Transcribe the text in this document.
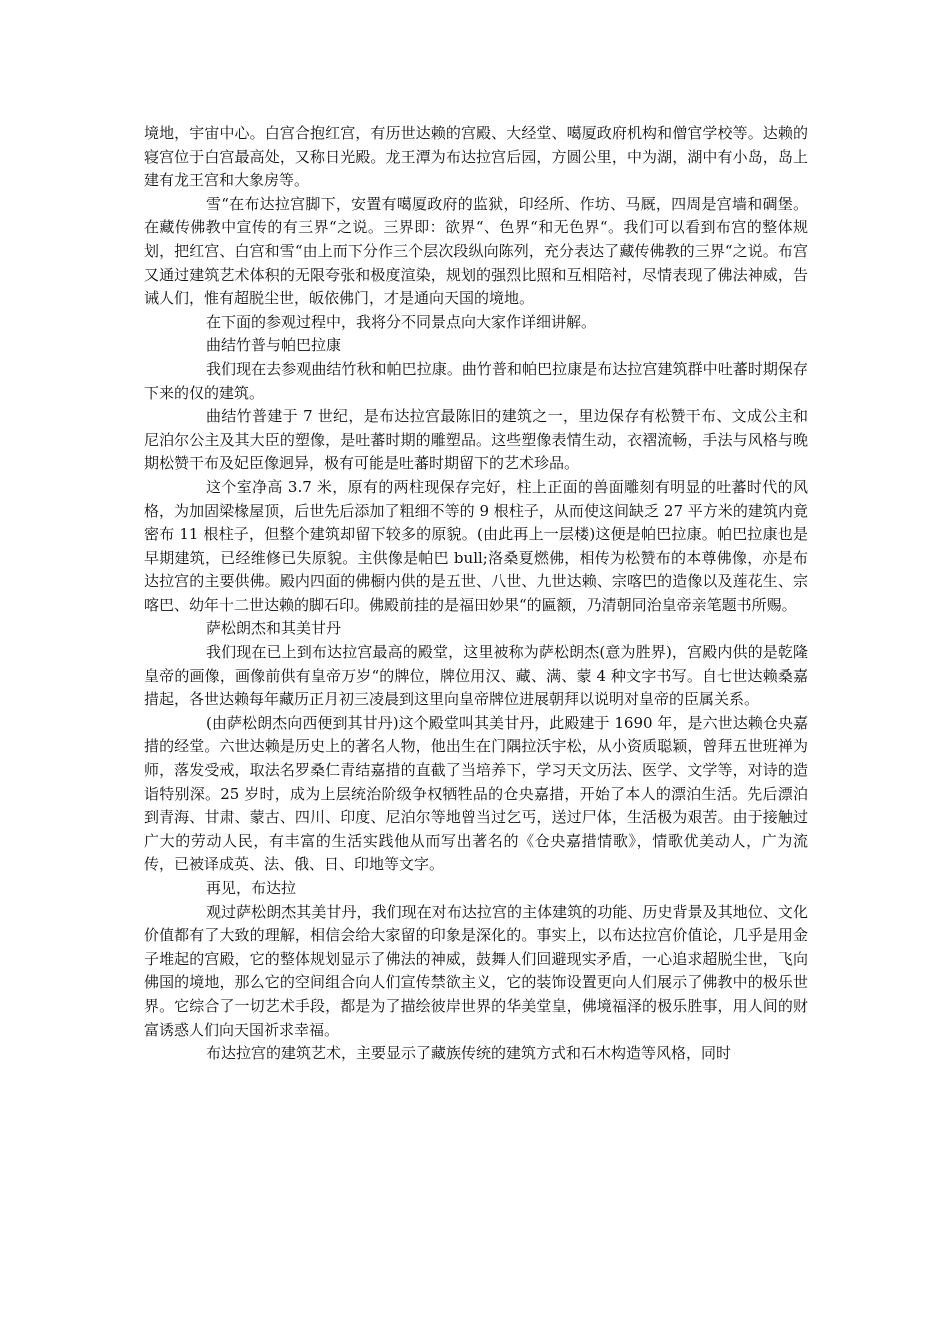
境地，宇宙中心。白宫合抱红宫，有历世达赖的宫殿、大经堂、噶厦政府机构和僧官学校等。达赖的寝宫位于白宫最高处，又称日光殿。龙王潭为布达拉宫后园，方圆公里，中为湖，湖中有小岛，岛上建有龙王宫和大象房等。

雪“在布达拉宫脚下，安置有噶厦政府的监狱，印经所、作坊、马厩，四周是宫墙和碉堡。在藏传佛教中宣传的有三界“之说。三界即：欲界“、色界“和无色界“。我们可以看到布宫的整体规划，把红宫、白宫和雪“由上而下分作三个层次段纵向陈列，充分表达了藏传佛教的三界“之说。布宫又通过建筑艺术体积的无限夸张和极度渲染，规划的强烈比照和互相陪衬，尽情表现了佛法神威，告诫人们，惟有超脱尘世，皈依佛门，才是通向天国的境地。

在下面的参观过程中，我将分不同景点向大家作详细讲解。

曲结竹普与帕巴拉康

我们现在去参观曲结竹秋和帕巴拉康。曲竹普和帕巴拉康是布达拉宫建筑群中吐蕃时期保存下来的仅的建筑。

曲结竹普建于 7 世纪，是布达拉宫最陈旧的建筑之一，里边保存有松赞干布、文成公主和尼泊尔公主及其大臣的塑像，是吐蕃时期的雕塑品。这些塑像表情生动，衣褶流畅，手法与风格与晚期松赞干布及妃臣像迥异，极有可能是吐蕃时期留下的艺术珍品。

这个室净高 3.7 米，原有的两柱现保存完好，柱上正面的兽面雕刻有明显的吐蕃时代的风格，为加固梁椽屋顶，后世先后添加了粗细不等的 9 根柱子，从而使这间缺乏 27 平方米的建筑内竟密布 11 根柱子，但整个建筑却留下较多的原貌。(由此再上一层楼)这便是帕巴拉康。帕巴拉康也是早期建筑，已经维修已失原貌。主供像是帕巴 bull;洛桑夏燃佛，相传为松赞布的本尊佛像，亦是布达拉宫的主要供佛。殿内四面的佛橱内供的是五世、八世、九世达赖、宗喀巴的造像以及莲花生、宗喀巴、幼年十二世达赖的脚石印。佛殿前挂的是福田妙果“的匾额，乃清朝同治皇帝亲笔题书所赐。

萨松朗杰和其美甘丹

我们现在已上到布达拉宫最高的殿堂，这里被称为萨松朗杰(意为胜界)，宫殿内供的是乾隆皇帝的画像，画像前供有皇帝万岁“的牌位，牌位用汉、藏、满、蒙 4 种文字书写。自七世达赖桑嘉措起，各世达赖每年藏历正月初三凌晨到这里向皇帝牌位进展朝拜以说明对皇帝的臣属关系。

(由萨松朗杰向西便到其甘丹)这个殿堂叫其美甘丹，此殿建于 1690 年，是六世达赖仓央嘉措的经堂。六世达赖是历史上的著名人物，他出生在门隅拉沃宇松，从小资质聪颖，曾拜五世班禅为师，落发受戒，取法名罗桑仁青结嘉措的直截了当培养下，学习天文历法、医学、文学等，对诗的造诣特别深。25 岁时，成为上层统治阶级争权牺牲品的仓央嘉措，开始了本人的漂泊生活。先后漂泊到青海、甘肃、蒙古、四川、印度、尼泊尔等地曾当过乞丐，送过尸体，生活极为艰苦。由于接触过广大的劳动人民，有丰富的生活实践他从而写出著名的《仓央嘉措情歌》，情歌优美动人，广为流传，已被译成英、法、俄、日、印地等文字。

再见，布达拉

观过萨松朗杰其美甘丹，我们现在对布达拉宫的主体建筑的功能、历史背景及其地位、文化价值都有了大致的理解，相信会给大家留的印象是深化的。事实上，以布达拉宫价值论，几乎是用金子堆起的宫殿，它的整体规划显示了佛法的神威，鼓舞人们回避现实矛盾，一心追求超脱尘世，飞向佛国的境地，那么它的空间组合向人们宣传禁欲主义，它的装饰设置更向人们展示了佛教中的极乐世界。它综合了一切艺术手段，都是为了描绘彼岸世界的华美堂皇，佛境福泽的极乐胜事，用人间的财富诱惑人们向天国祈求幸福。

布达拉宫的建筑艺术，主要显示了藏族传统的建筑方式和石木构造等风格，同时
